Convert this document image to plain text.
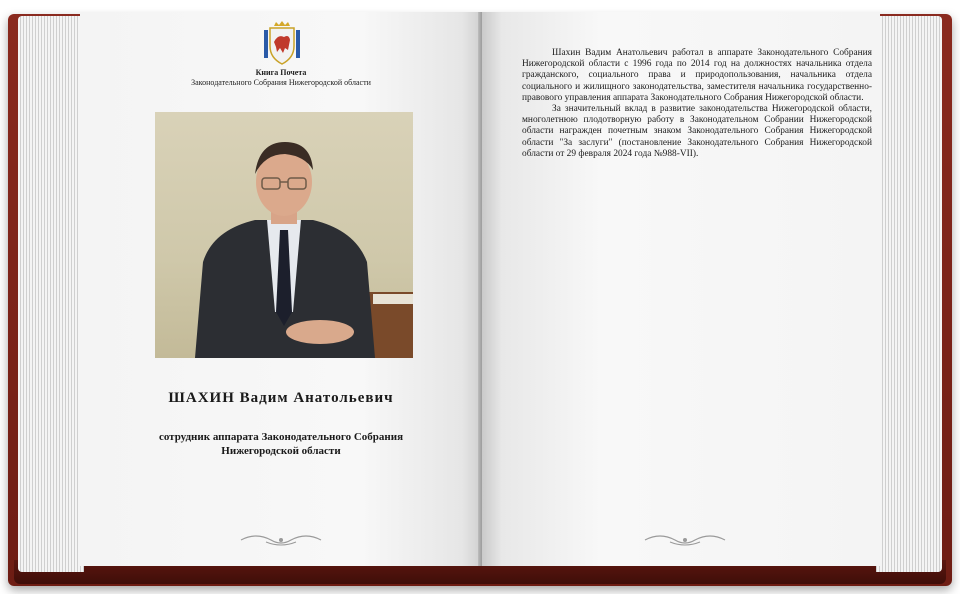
Книга Почета
Законодательного Собрания Нижегородской области
ШАХИН Вадим Анатольевич
сотрудник аппарата Законодательного Собрания Нижегородской области

Шахин Вадим Анатольевич работал в аппарате Законодательного Собрания Нижегородской области с 1996 года по 2014 год на должностях начальника отдела гражданского, социального права и природопользования, начальника отдела социального и жилищного законодательства, заместителя начальника государственно-правового управления аппарата Законодательного Собрания Нижегородской области.

За значительный вклад в развитие законодательства Нижегородской области, многолетнюю плодотворную работу в Законодательном Собрании Нижегородской области награжден почетным знаком Законодательного Собрания Нижегородской области "За заслуги" (постановление Законодательного Собрания Нижегородской области от 29 февраля 2024 года №988-VII).
